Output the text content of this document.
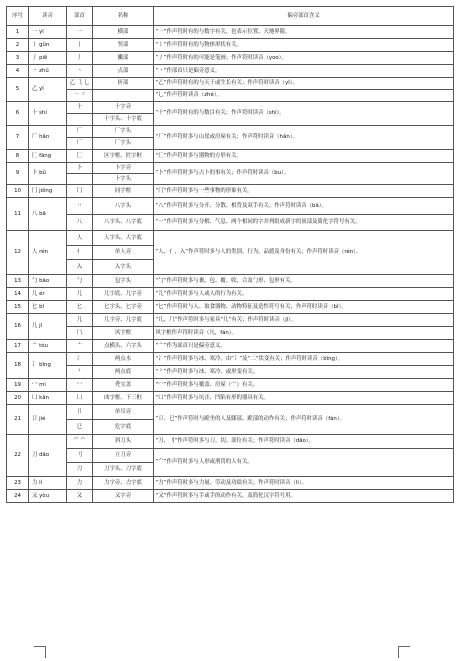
序号	读音	部首	名称	偏旁部首含义
1	一 yī	一	横部	“一”作声符时有的与数字有关，也表示位置、天地界限。
2	丨 gǔn	丨	竖部	“丨”作声符时有的与物体形状有关。
3	丿 piě	丿	撇部	“丿”作声符时有的可能是笔画；作声符时读音（yoo）。
4	丶 zhǔ	丶	点部	“丶”作部首只是偏旁意义。
5	乙 yǐ	乙 ⺄ 乚	折部	“乙”作声符时有的与天干或生长有关；作声符时读音（yǐ）。
		一 ㇇		“乚”作声符时读音（zhé）。
6	十 shí	十	十字旁	“十”作声符时有的与数目有关；作声符时读音（shí）。
			十字头、十字底	
7	厂 hǎn	厂	厂字头	“厂”作声符时多与山崖或房屋有关；作声符时读音（hǎn）。
		厂	厂字头	
8	匚 fāng	匚	区字框、匠字框	“匚”作声符时多与器物的方形有关。
9	卜 bǔ	卜	卜字旁	“卜”作声符时多与占卜的事有关；作声符时读音（bu）。
			卜字头	
10	冂 jiōng	冂	同字框	“冂”作声符时多与一些事物的形象有关。
11	八 bā	丷	八字头	“八”作声符时多与分开、分散、相背及双手有关；作声符时读音（bā）。
		八	八字头、八字底	“丷”作声符时多与分解、气息、两个相同的字并列组成新字的顶部及简化字符号有关。
12	人 rén	人	人字头、人字底	“人、亻、入”作声符时多与人的类别、行为、品德及身份有关；作声符时读音（rén）。
		亻	单人旁	
		入	入字头	
13	勹 bāo	勹	包字头	“勹”作声符时多与裹、包、覆、收、合及勹形、包形有关。
14	儿 ér	儿	儿字底、儿字旁	“儿”作声符时多与人或人的行为有关。
15	匕 bǐ	匕	匕字头、匕字旁	“匕”作声符时与人、取食器物、动物特征及造性符号有关；作声符时读音（bǐ）。
16	几 jī	几	几字旁、几字底	“几、⺇”作声符时多与家具“几”有关；作声符时读音（jǐ）。
		⺇	风字框	风字框作声符时读音（凡，fán）。
17	亠 tóu	亠	点横头、六字头	“亠”作为部首只是偏旁意义。
18	冫 bīng	冫	两点水	“冫”作声符时多与冰、寒冷，由“冫”及“二”状变有关；作声符时读音（bīng）。
		⺀	两点底	“⺀”作声符时多与冰、寒冷、或形变有关。
19	冖 mì	冖	秃宝盖	“冖”作声符时多与覆盖、房屋（宀）有关。
20	凵 kǎn	凵	凶字框、下三框	“凵”作声符时多与坑洼、凹陷有形的器具有关。
21	卩 jié	卩	单耳旁	“卩、㔾”作声符时与跪坐的人及膝部、跪部的动作有关；作声符时读音（fán）。
		㔾	危字底	
22	刀 dāo	⺈ ⺈	斜刀头	“刀、刂”作声符时多与刀、切、部位有关；作声符时读音（dāo）。
		刂	立刀旁	“⺈”作声符时多与人形或刑罚的人有关。
		刀	刀字头、刀字底	
23	力 lì	力	力字旁、力字底	“力”作声符时多与力量、劳动及功绩有关；作声符时读音（lì）。
24	又 yòu	又	又字旁	“又”作声符时多与手或手的动作有关，及简化汉字符号用。
